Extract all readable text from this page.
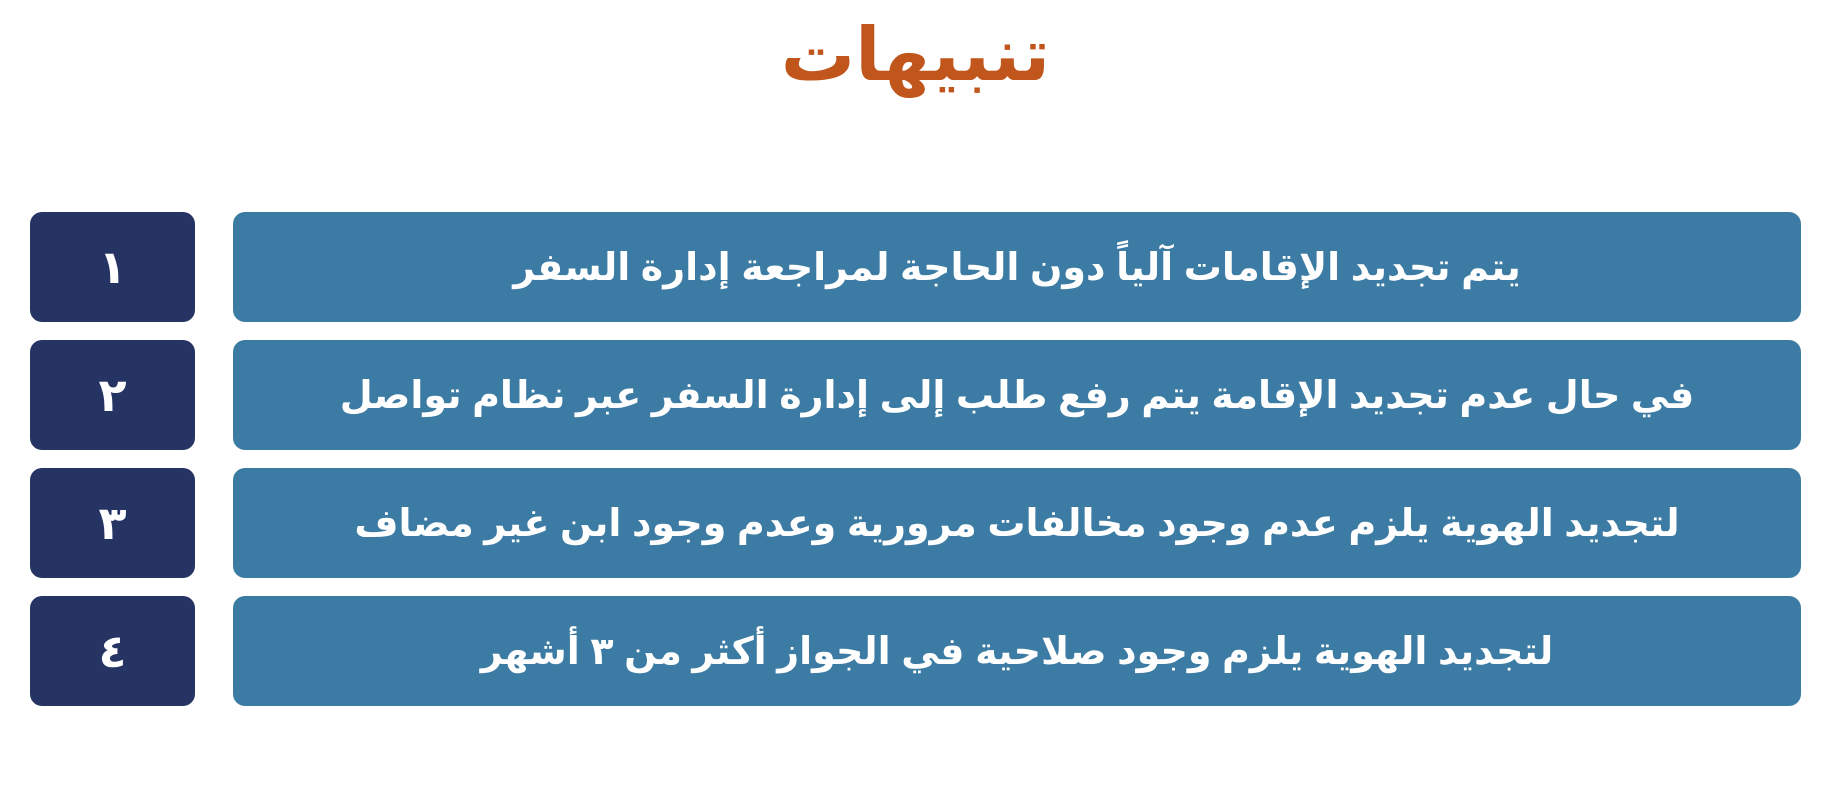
تنبيهات
يتم تجديد الإقامات آلياً دون الحاجة لمراجعة إدارة السفر
١
في حال عدم تجديد الإقامة يتم رفع طلب إلى إدارة السفر عبر نظام تواصل
٢
لتجديد الهوية يلزم عدم وجود مخالفات مرورية وعدم وجود ابن غير مضاف
٣
لتجديد الهوية يلزم وجود صلاحية في الجواز أكثر من ٣ أشهر
٤
